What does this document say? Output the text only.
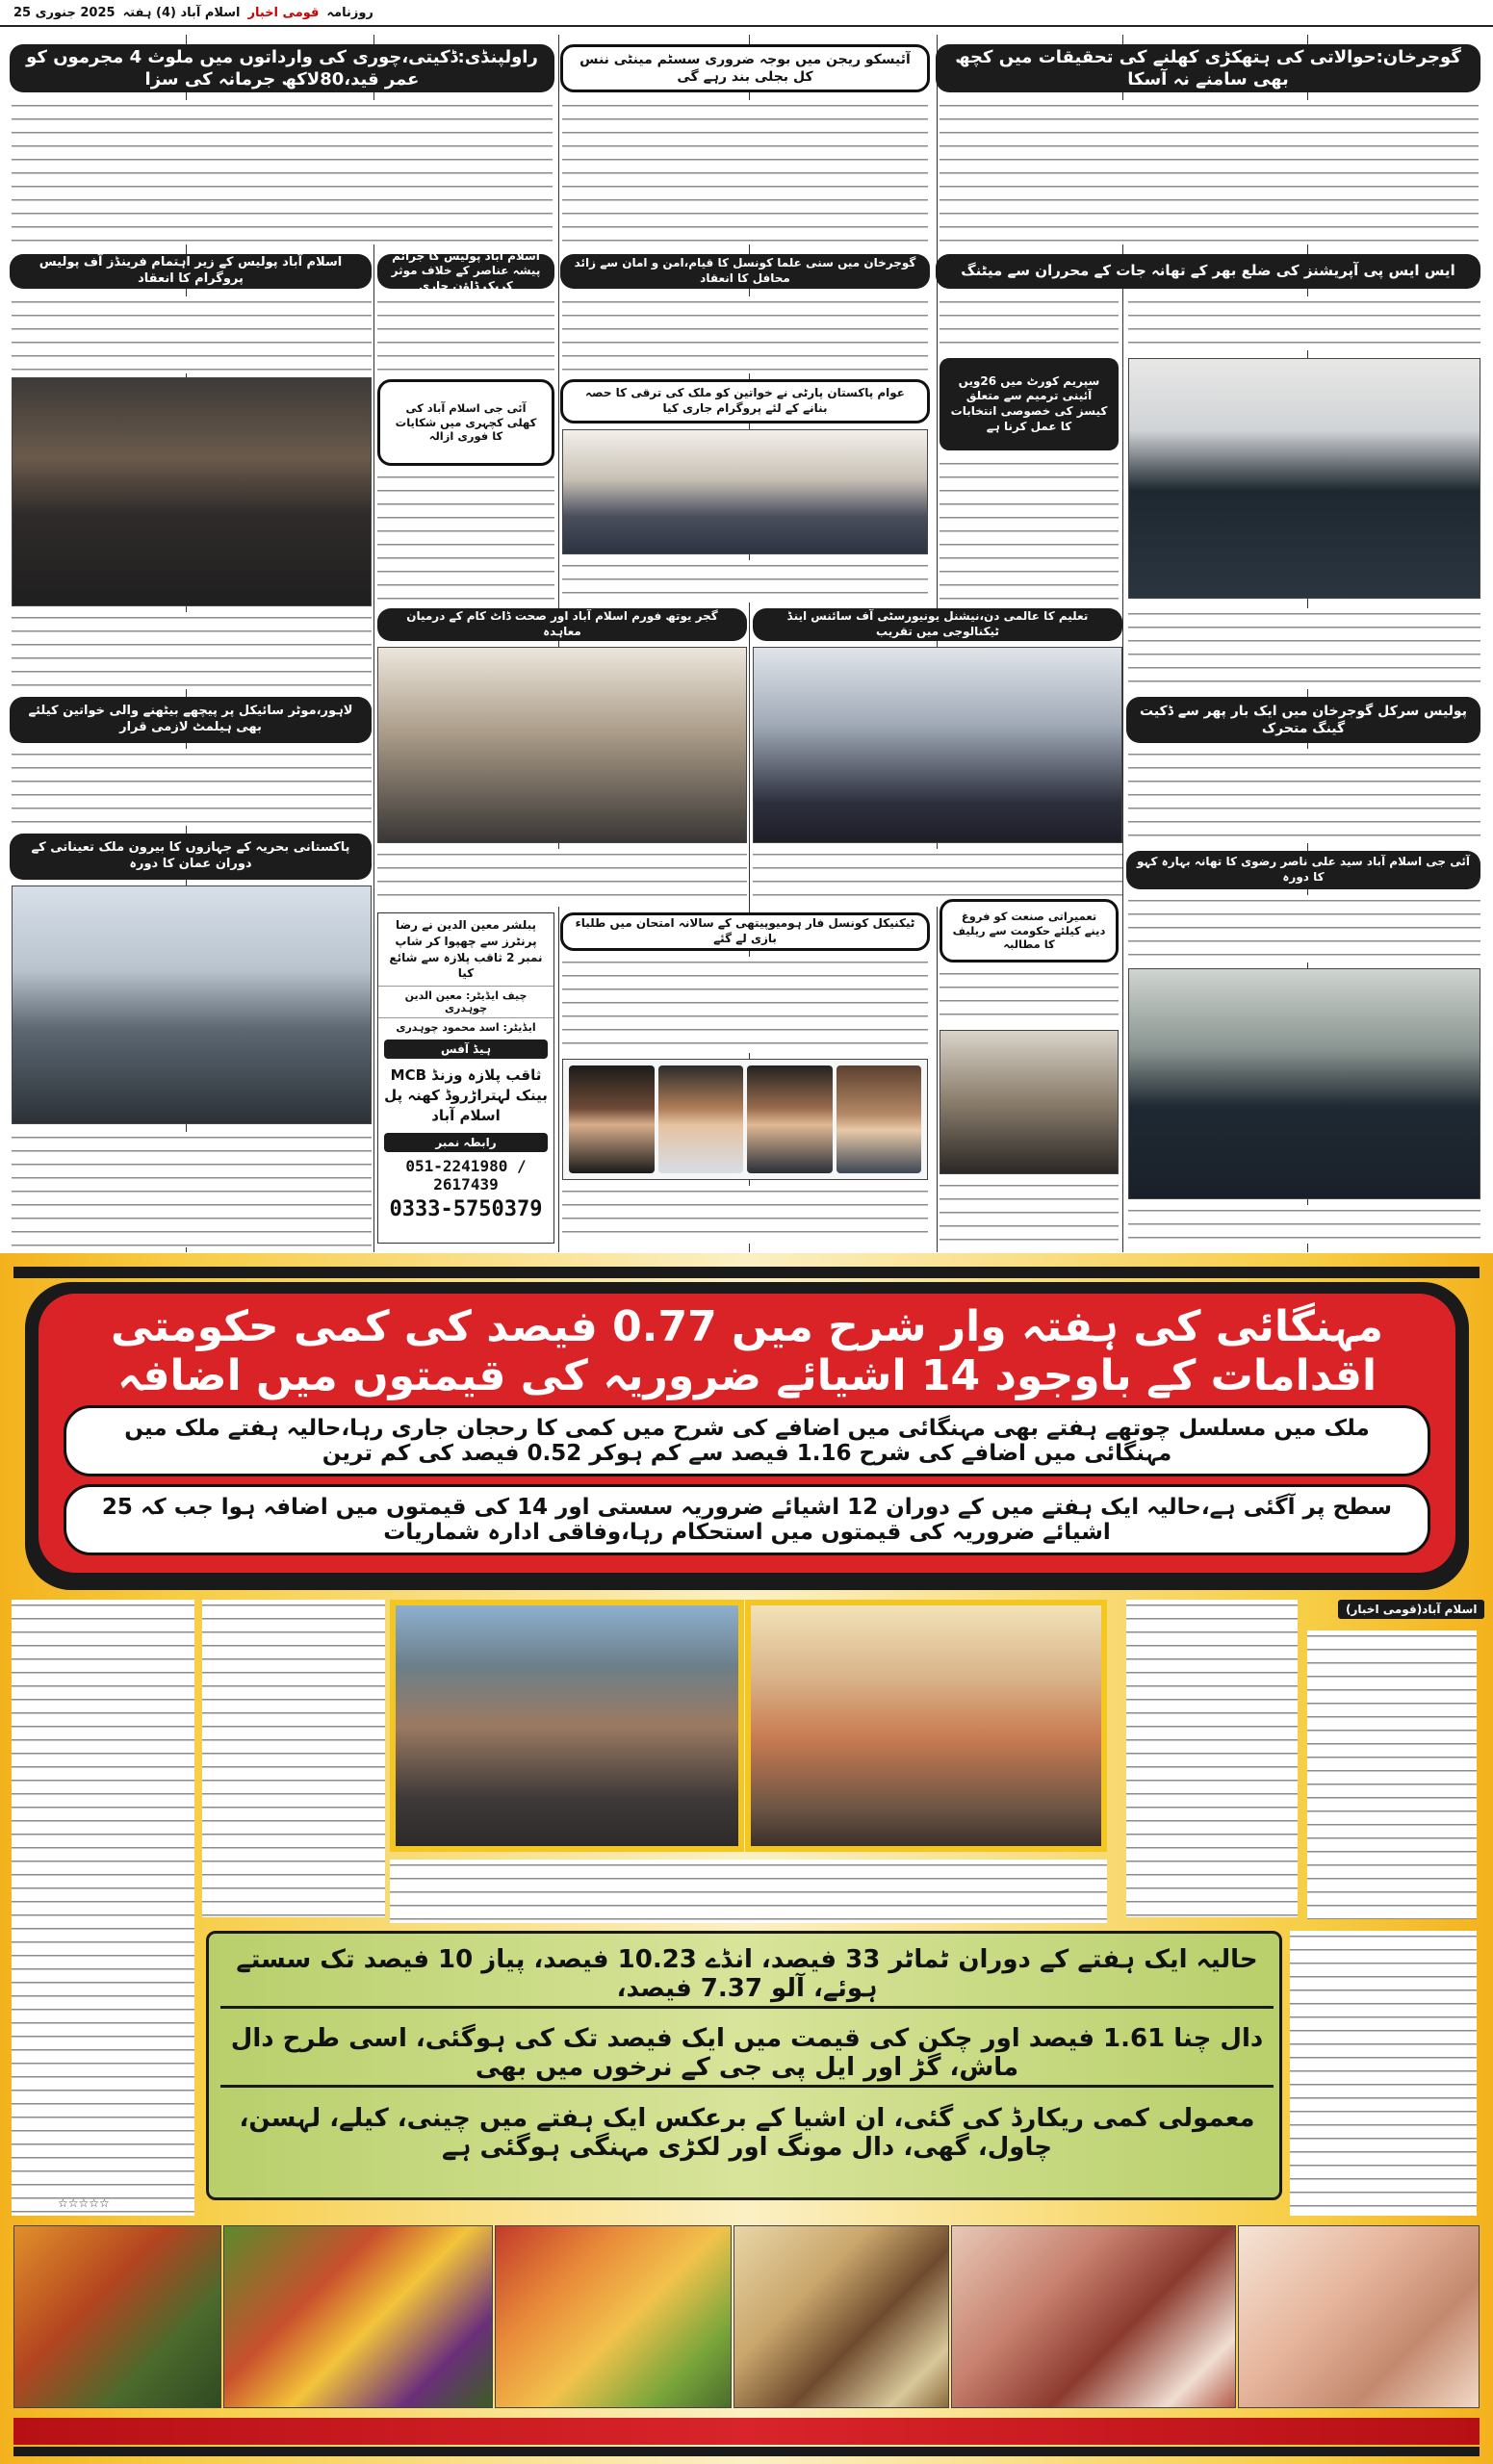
روزنامہ
قومی اخبار
اسلام آباد (4) ہفتہ
2025 جنوری 25
گوجرخان:حوالاتی کی ہتھکڑی کھلنے کی تحقیقات میں کچھ بھی سامنے نہ آسکا
آئیسکو ریجن میں بوجہ ضروری سسٹم مینٹی ننس کل بجلی بند رہے گی
راولپنڈی:ڈکیتی،چوری کی وارداتوں میں ملوث 4 مجرموں کو عمر قید،80لاکھ جرمانہ کی سزا
ایس ایس پی آپریشنز کی ضلع بھر کے تھانہ جات کے محرران سے میٹنگ
گوجرخان میں سنی علما کونسل کا قیام،امن و امان سے زائد محافل کا انعقاد
اسلام آباد پولیس کا جرائم پیشہ عناصر کے خلاف موثر کریک ڈاؤن جاری
اسلام آباد پولیس کے زیر اہتمام فرینڈز آف پولیس پروگرام کا انعقاد
سپریم کورٹ میں 26ویں آئینی ترمیم سے متعلق کیسز کی خصوصی انتخابات کا عمل کرنا ہے
عوام پاکستان پارٹی نے خواتین کو ملک کی ترقی کا حصہ بنانے کے لئے پروگرام جاری کیا
آئی جی اسلام آباد کی کھلی کچہری میں شکایات کا فوری ازالہ
تعلیم کا عالمی دن،نیشنل یونیورسٹی آف سائنس اینڈ ٹیکنالوجی میں تقریب
گجر یوتھ فورم اسلام آباد اور صحت ڈاٹ کام کے درمیان معاہدہ
پولیس سرکل گوجرخان میں ایک بار پھر سے ڈکیت گینگ متحرک
لاہور،موٹر سائیکل پر پیچھے بیٹھنے والی خواتین کیلئے بھی ہیلمٹ لازمی قرار
پاکستانی بحریہ کے جہازوں کا بیرون ملک تعیناتی کے دوران عمان کا دورہ
پبلشر معین الدین نے رضا پرنٹرز سے چھپوا کر شاپ نمبر 2 ثاقب پلازہ سے شائع کیا
چیف ایڈیٹر: معین الدین چوہدری
ایڈیٹر: اسد محمود چوہدری
ہیڈ آفس
ثاقب پلازہ وزنڈ MCB بینک لہتراڑروڈ کھنہ پل اسلام آباد
رابطہ نمبر
051-2241980 / 2617439
0333-5750379
ٹیکنیکل کونسل فار ہومیوپیتھی کے سالانہ امتحان میں طلباء بازی لے گئے
تعمیراتی صنعت کو فروغ دینے کیلئے حکومت سے ریلیف کا مطالبہ
آئی جی اسلام آباد سید علی ناصر رضوی کا تھانہ بہارہ کہو کا دورہ
مہنگائی کی ہفتہ وار شرح میں 0.77 فیصد کی کمی حکومتی اقدامات کے باوجود 14 اشیائے ضروریہ کی قیمتوں میں اضافہ
ملک میں مسلسل چوتھے ہفتے بھی مہنگائی میں اضافے کی شرح میں کمی کا رحجان جاری رہا،حالیہ ہفتے ملک میں مہنگائی میں اضافے کی شرح 1.16 فیصد سے کم ہوکر 0.52 فیصد کی کم ترین
سطح پر آگئی ہے،حالیہ ایک ہفتے میں کے دوران 12 اشیائے ضروریہ سستی اور 14 کی قیمتوں میں اضافہ ہوا جب کہ 25 اشیائے ضروریہ کی قیمتوں میں استحکام رہا،وفاقی ادارہ شماریات
اسلام آباد(قومی اخبار)
حالیہ ایک ہفتے کے دوران ٹماٹر 33 فیصد، انڈے 10.23 فیصد، پیاز 10 فیصد تک سستے ہوئے، آلو 7.37 فیصد،
دال چنا 1.61 فیصد اور چکن کی قیمت میں ایک فیصد تک کی ہوگئی، اسی طرح دال ماش، گڑ اور ایل پی جی کے نرخوں میں بھی
معمولی کمی ریکارڈ کی گئی، ان اشیا کے برعکس ایک ہفتے میں چینی، کیلے، لہسن، چاول، گھی، دال مونگ اور لکڑی مہنگی ہوگئی ہے
☆☆☆☆☆
